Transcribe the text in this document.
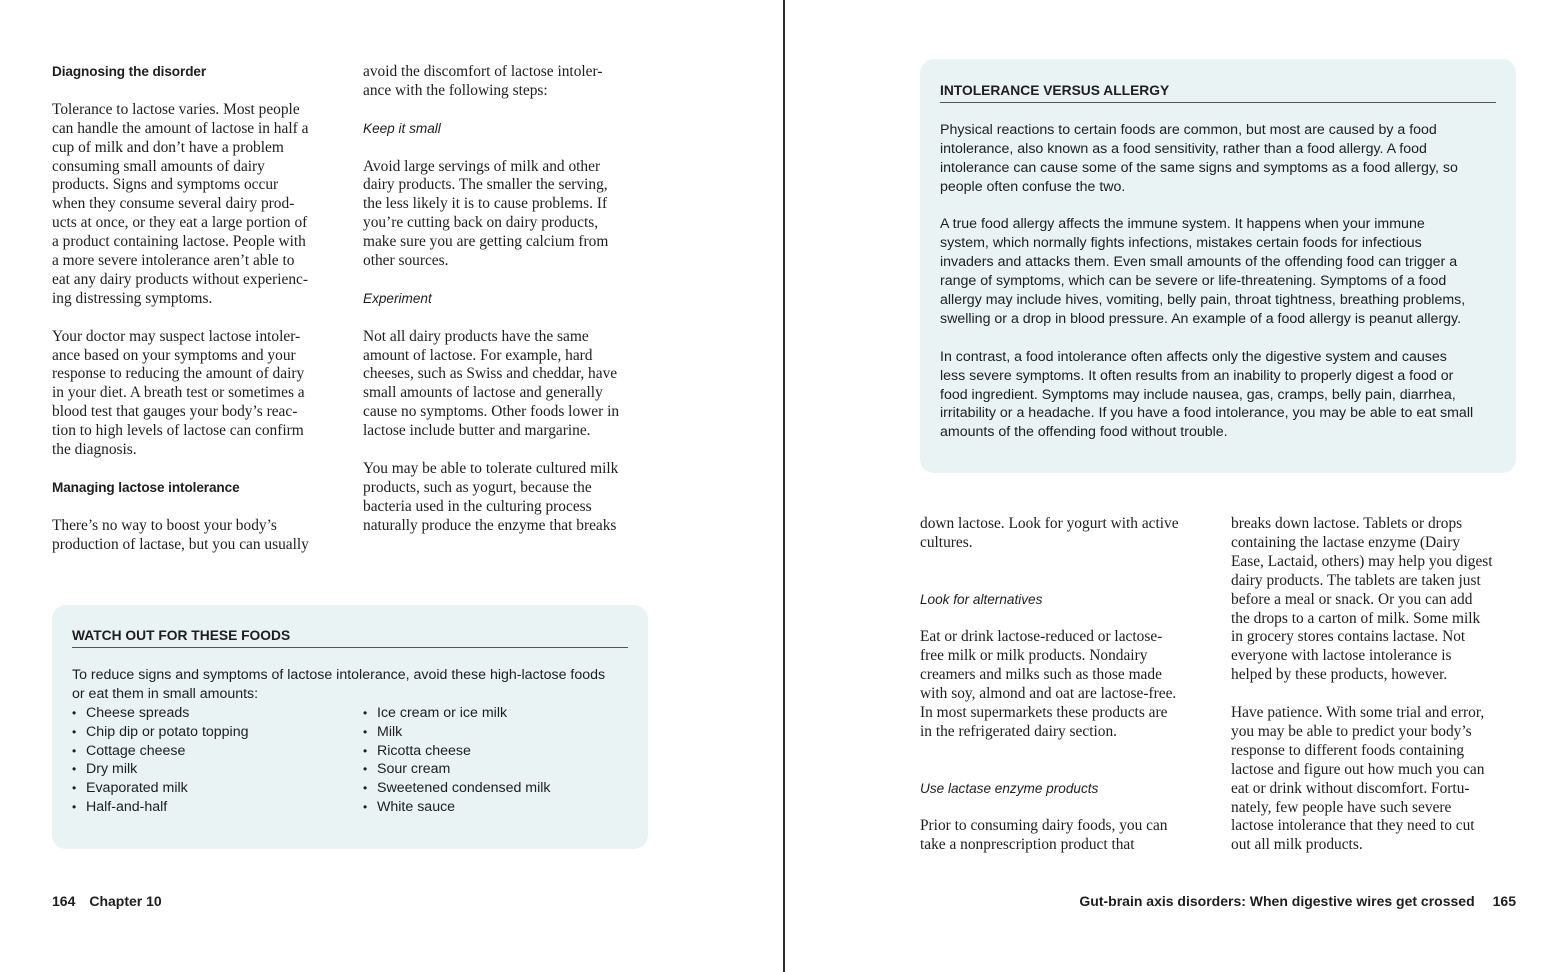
Diagnosing the disorder

Tolerance to lactose varies. Most people
can handle the amount of lactose in half a
cup of milk and don’t have a problem
consuming small amounts of dairy
products. Signs and symptoms occur
when they consume several dairy prod-
ucts at once, or they eat a large portion of
a product containing lactose. People with
a more severe intolerance aren’t able to
eat any dairy products without experienc-
ing distressing symptoms.

Your doctor may suspect lactose intoler-
ance based on your symptoms and your
response to reducing the amount of dairy
in your diet. A breath test or sometimes a
blood test that gauges your body’s reac-
tion to high levels of lactose can confirm
the diagnosis.

Managing lactose intolerance

There’s no way to boost your body’s
production of lactase, but you can usually

avoid the discomfort of lactose intoler-
ance with the following steps:

Keep it small

Avoid large servings of milk and other
dairy products. The smaller the serving,
the less likely it is to cause problems. If
you’re cutting back on dairy products,
make sure you are getting calcium from
other sources.

Experiment

Not all dairy products have the same
amount of lactose. For example, hard
cheeses, such as Swiss and cheddar, have
small amounts of lactose and generally
cause no symptoms. Other foods lower in
lactose include butter and margarine.

You may be able to tolerate cultured milk
products, such as yogurt, because the
bacteria used in the culturing process
naturally produce the enzyme that breaks

WATCH OUT FOR THESE FOODS

To reduce signs and symptoms of lactose intolerance, avoid these high-lactose foods
or eat them in small amounts:

• Cheese spreads
• Chip dip or potato topping
• Cottage cheese
• Dry milk
• Evaporated milk
• Half-and-half
• Ice cream or ice milk
• Milk
• Ricotta cheese
• Sour cream
• Sweetened condensed milk
• White sauce
164 Chapter 10
INTOLERANCE VERSUS ALLERGY

Physical reactions to certain foods are common, but most are caused by a food
intolerance, also known as a food sensitivity, rather than a food allergy. A food
intolerance can cause some of the same signs and symptoms as a food allergy, so
people often confuse the two.

A true food allergy affects the immune system. It happens when your immune
system, which normally fights infections, mistakes certain foods for infectious
invaders and attacks them. Even small amounts of the offending food can trigger a
range of symptoms, which can be severe or life-threatening. Symptoms of a food
allergy may include hives, vomiting, belly pain, throat tightness, breathing problems,
swelling or a drop in blood pressure. An example of a food allergy is peanut allergy.

In contrast, a food intolerance often affects only the digestive system and causes
less severe symptoms. It often results from an inability to properly digest a food or
food ingredient. Symptoms may include nausea, gas, cramps, belly pain, diarrhea,
irritability or a headache. If you have a food intolerance, you may be able to eat small
amounts of the offending food without trouble.

down lactose. Look for yogurt with active
cultures.

Look for alternatives

Eat or drink lactose-reduced or lactose-
free milk or milk products. Nondairy
creamers and milks such as those made
with soy, almond and oat are lactose-free.
In most supermarkets these products are
in the refrigerated dairy section.

Use lactase enzyme products

Prior to consuming dairy foods, you can
take a nonprescription product that

breaks down lactose. Tablets or drops
containing the lactase enzyme (Dairy
Ease, Lactaid, others) may help you digest
dairy products. The tablets are taken just
before a meal or snack. Or you can add
the drops to a carton of milk. Some milk
in grocery stores contains lactase. Not
everyone with lactose intolerance is
helped by these products, however.

Have patience. With some trial and error,
you may be able to predict your body’s
response to different foods containing
lactose and figure out how much you can
eat or drink without discomfort. Fortu-
nately, few people have such severe
lactose intolerance that they need to cut
out all milk products.

Gut-brain axis disorders: When digestive wires get crossed 165
